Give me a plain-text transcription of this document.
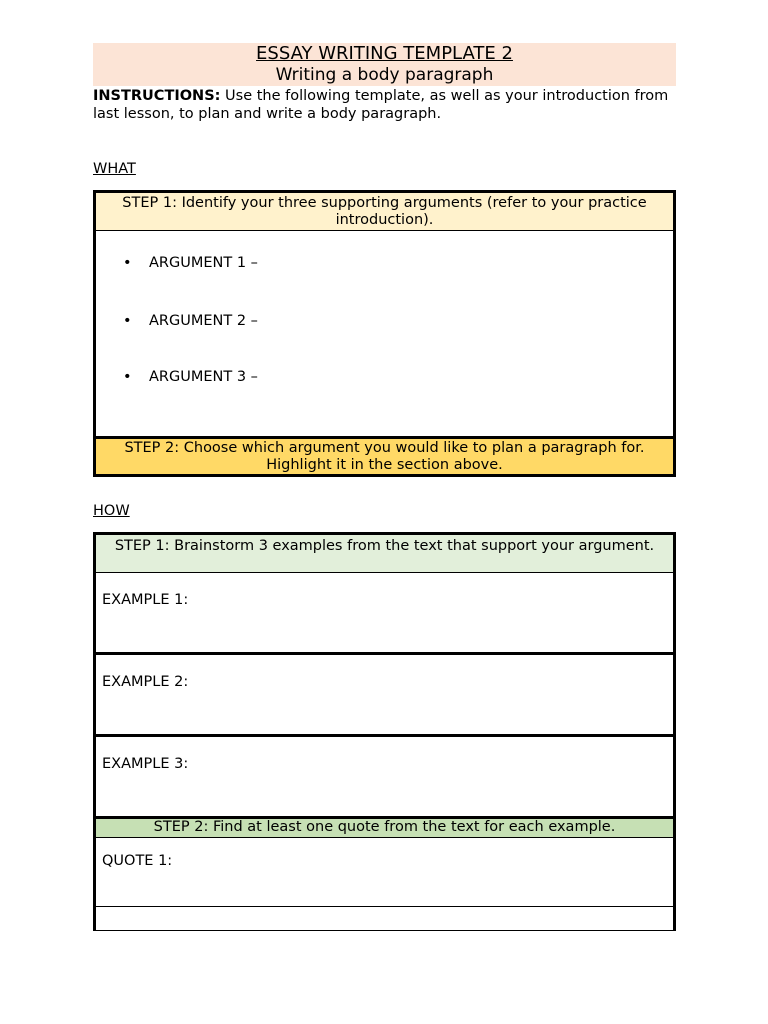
ESSAY WRITING TEMPLATE 2
Writing a body paragraph
INSTRUCTIONS: Use the following template, as well as your introduction from last lesson, to plan and write a body paragraph.
WHAT
STEP 1: Identify your three supporting arguments (refer to your practice introduction).
• ARGUMENT 1 –
• ARGUMENT 2 –
• ARGUMENT 3 –
STEP 2: Choose which argument you would like to plan a paragraph for. Highlight it in the section above.
HOW
STEP 1: Brainstorm 3 examples from the text that support your argument.
EXAMPLE 1:
EXAMPLE 2:
EXAMPLE 3:
STEP 2: Find at least one quote from the text for each example.
QUOTE 1:
